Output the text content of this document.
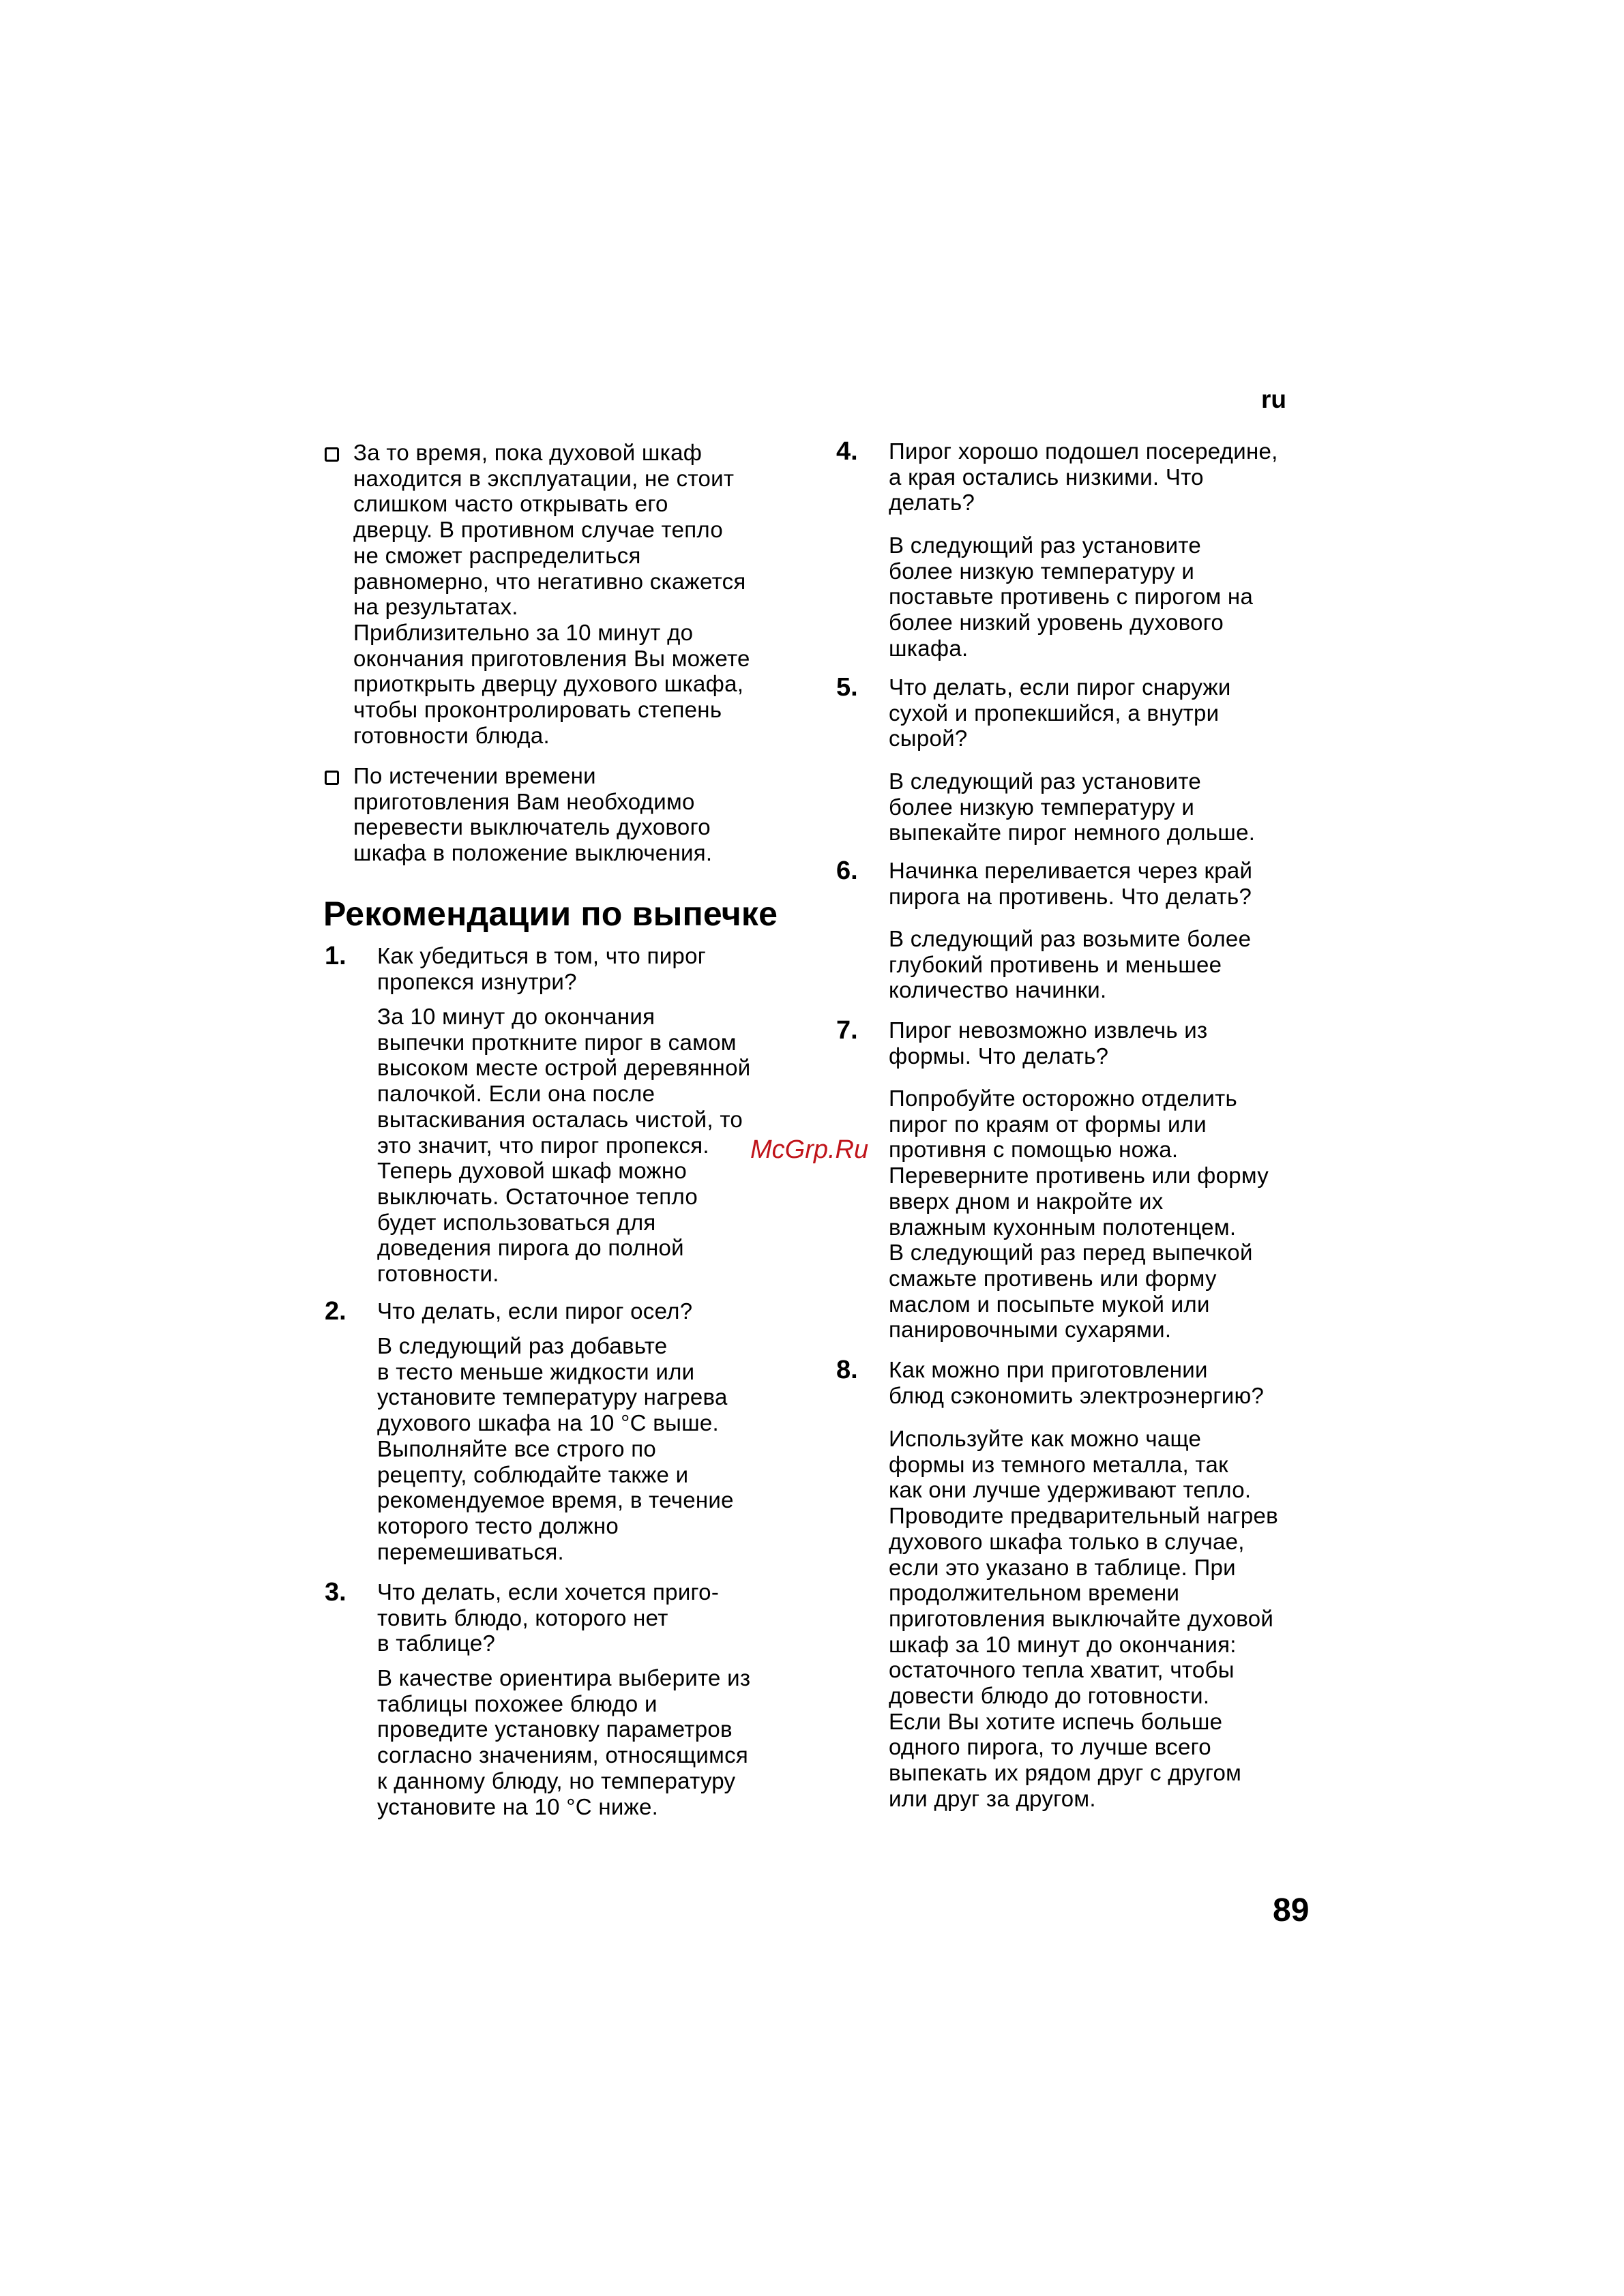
ru
За то время, пока духовой шкаф
находится в эксплуатации, не стоит
слишком часто открывать его
дверцу. В противном случае тепло
не сможет распределиться
равномерно, что негативно скажется
на результатах.
Приблизительно за 10 минут до
окончания приготовления Вы можете
приоткрыть дверцу духового шкафа,
чтобы проконтролировать степень
готовности блюда.
По истечении времени
приготовления Вам необходимо
перевести выключатель духового
шкафа в положение выключения.
Рекомендации по выпечке
1. Как убедиться в том, что пирог
пропекся изнутри?
За 10 минут до окончания
выпечки проткните пирог в самом
высоком месте острой деревянной
палочкой. Если она после
вытаскивания осталась чистой, то
это значит, что пирог пропекся.
Теперь духовой шкаф можно
выключать. Остаточное тепло
будет использоваться для
доведения пирога до полной
готовности.
2. Что делать, если пирог осел?
В следующий раз добавьте
в тесто меньше жидкости или
установите температуру нагрева
духового шкафа на 10 °C выше.
Выполняйте все строго по
рецепту, соблюдайте также и
рекомендуемое время, в течение
которого тесто должно
перемешиваться.
3. Что делать, если хочется приго-
товить блюдо, которого нет
в таблице?
В качестве ориентира выберите из
таблицы похожее блюдо и
проведите установку параметров
согласно значениям, относящимся
к данному блюду, но температуру
установите на 10 °C ниже.
4. Пирог хорошо подошел посередине,
а края остались низкими. Что
делать?
В следующий раз установите
более низкую температуру и
поставьте противень с пирогом на
более низкий уровень духового
шкафа.
5. Что делать, если пирог снаружи
сухой и пропекшийся, а внутри
сырой?
В следующий раз установите
более низкую температуру и
выпекайте пирог немного дольше.
6. Начинка переливается через край
пирога на противень. Что делать?
В следующий раз возьмите более
глубокий противень и меньшее
количество начинки.
7. Пирог невозможно извлечь из
формы. Что делать?
Попробуйте осторожно отделить
пирог по краям от формы или
противня с помощью ножа.
Переверните противень или форму
вверх дном и накройте их
влажным кухонным полотенцем.
В следующий раз перед выпечкой
смажьте противень или форму
маслом и посыпьте мукой или
панировочными сухарями.
8. Как можно при приготовлении
блюд сэкономить электроэнергию?
Используйте как можно чаще
формы из темного металла, так
как они лучше удерживают тепло.
Проводите предварительный нагрев
духового шкафа только в случае,
если это указано в таблице. При
продолжительном времени
приготовления выключайте духовой
шкаф за 10 минут до окончания:
остаточного тепла хватит, чтобы
довести блюдо до готовности.
Если Вы хотите испечь больше
одного пирога, то лучше всего
выпекать их рядом друг с другом
или друг за другом.
McGrp.Ru
89
